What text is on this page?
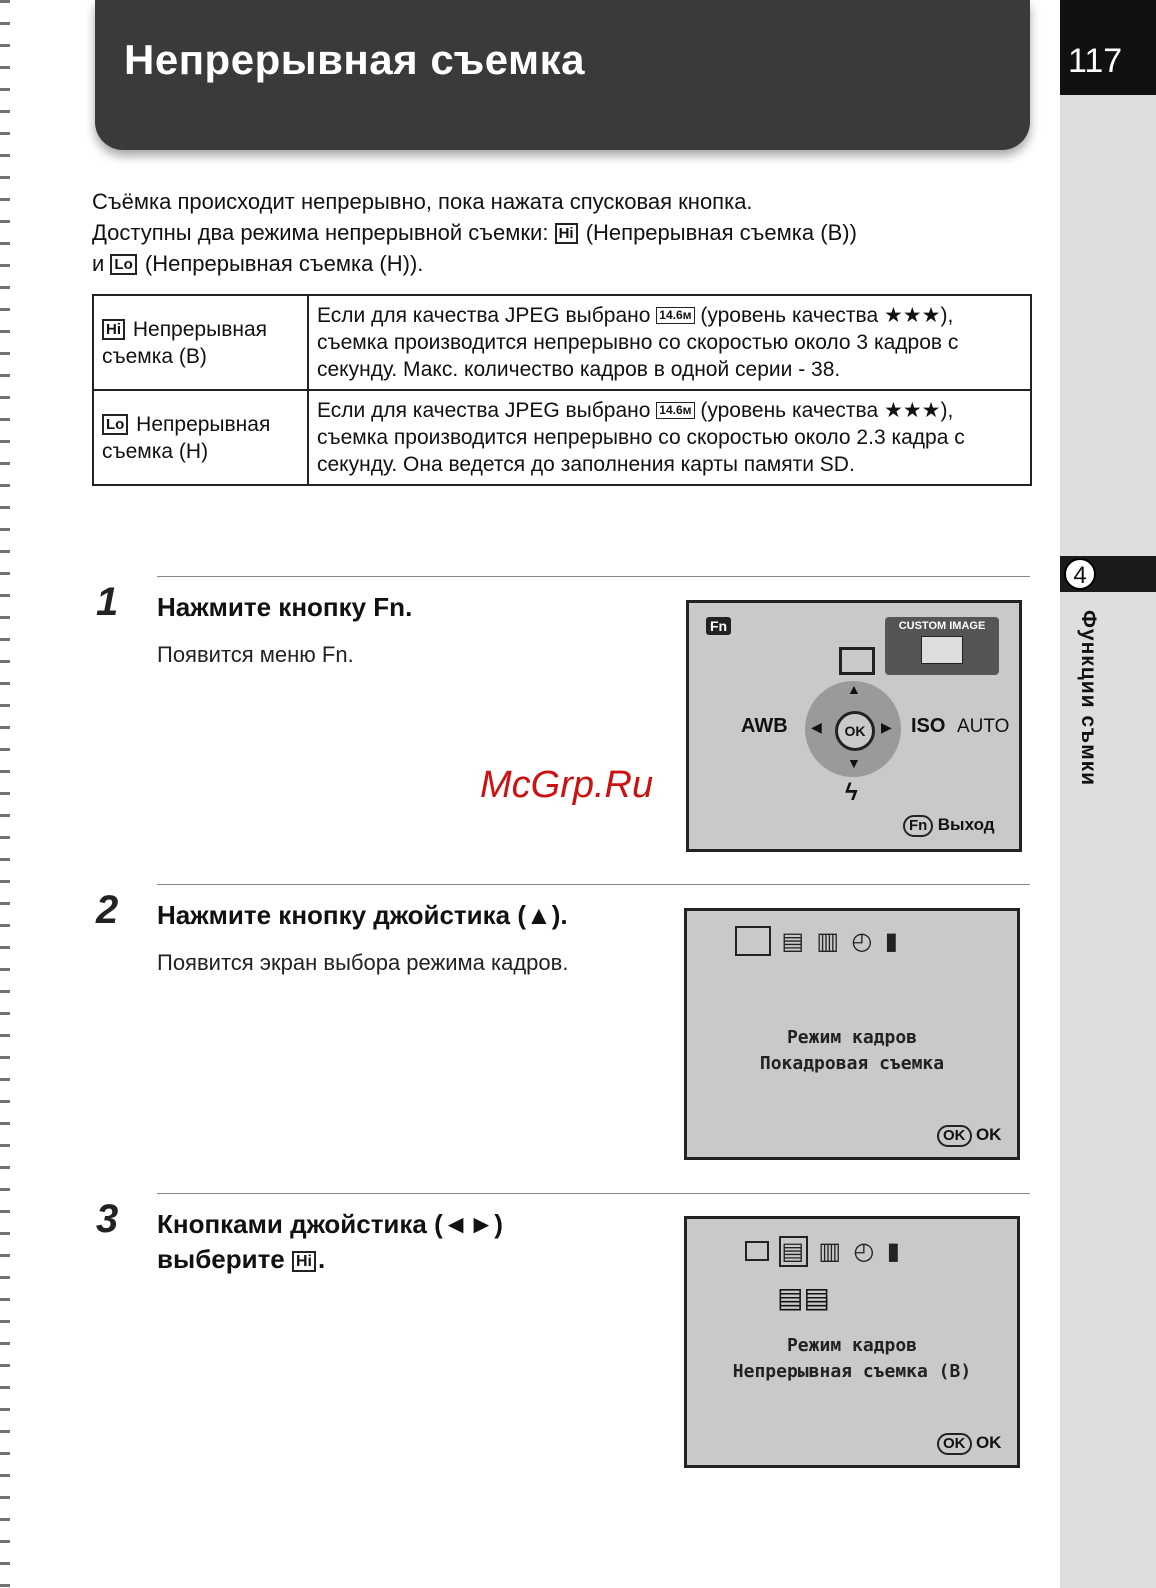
Непрерывная съемка	117
4
Функции съмки
Съёмка происходит непрерывно, пока нажата спусковая кнопка.
Доступны два режима непрерывной съемки: Hi (Непрерывная съемка (В))
и Lo (Непрерывная съемка (Н)).
Hi Непрерывная съемка (В)	Если для качества JPEG выбрано 14.6м (уровень качества ★★★), съемка производится непрерывно со скоростью около 3 кадров с секунду. Макс. количество кадров в одной серии - 38.
Lo Непрерывная съемка (Н)	Если для качества JPEG выбрано 14.6м (уровень качества ★★★), съемка производится непрерывно со скоростью около 2.3 кадра с секунду. Она ведется до заполнения карты памяти SD.
1 Нажмите кнопку Fn.
Появится меню Fn.
Fn	CUSTOM IMAGE
▲
▼
◀	▶
OK
AWB	ISO AUTO
ϟ
Fn Выход
McGrp.Ru
2 Нажмите кнопку джойстика (▲).
Появится экран выбора режима кадров.
▤ ▥ ◴ ▮
Режим кадров
Покадровая съемка
OK OK
3 Кнопками джойстика (◄►)
выберите Hi .	▤ ▥ ◴ ▮
▤▤
Режим кадров
Непрерывная съемка (В)
OK OK
